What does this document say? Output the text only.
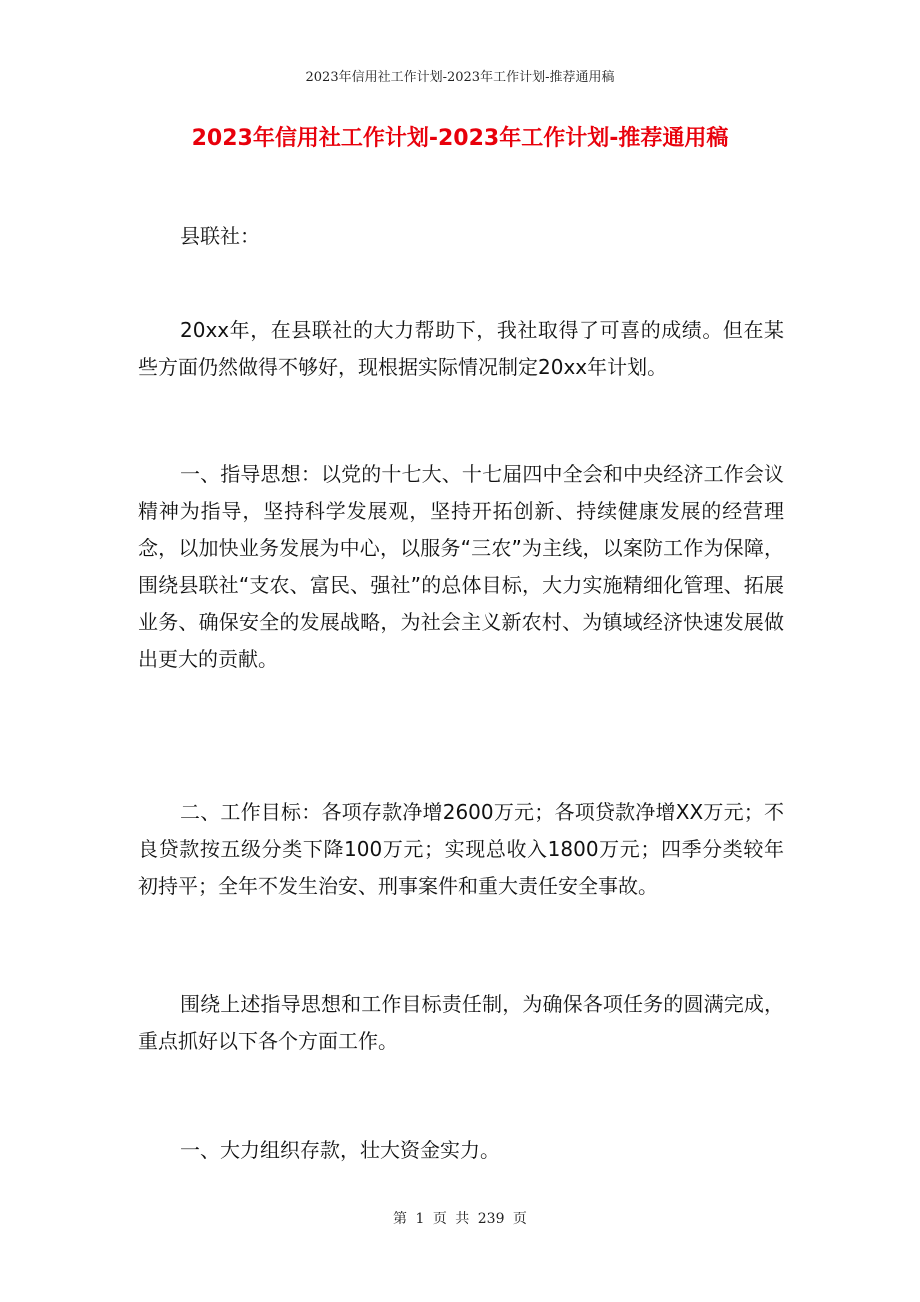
2023年信用社工作计划-2023年工作计划-推荐通用稿
2023年信用社工作计划-2023年工作计划-推荐通用稿

县联社：

20xx年，在县联社的大力帮助下，我社取得了可喜的成绩。但在某些方面仍然做得不够好，现根据实际情况制定20xx年计划。

一、指导思想：以党的十七大、十七届四中全会和中央经济工作会议精神为指导，坚持科学发展观，坚持开拓创新、持续健康发展的经营理念，以加快业务发展为中心，以服务“三农”为主线，以案防工作为保障，围绕县联社“支农、富民、强社”的总体目标，大力实施精细化管理、拓展业务、确保安全的发展战略，为社会主义新农村、为镇域经济快速发展做出更大的贡献。

二、工作目标：各项存款净增2600万元；各项贷款净增XX万元；不良贷款按五级分类下降100万元；实现总收入1800万元；四季分类较年初持平；全年不发生治安、刑事案件和重大责任安全事故。

围绕上述指导思想和工作目标责任制，为确保各项任务的圆满完成，重点抓好以下各个方面工作。

一、大力组织存款，壮大资金实力。

第 1 页 共 239 页
